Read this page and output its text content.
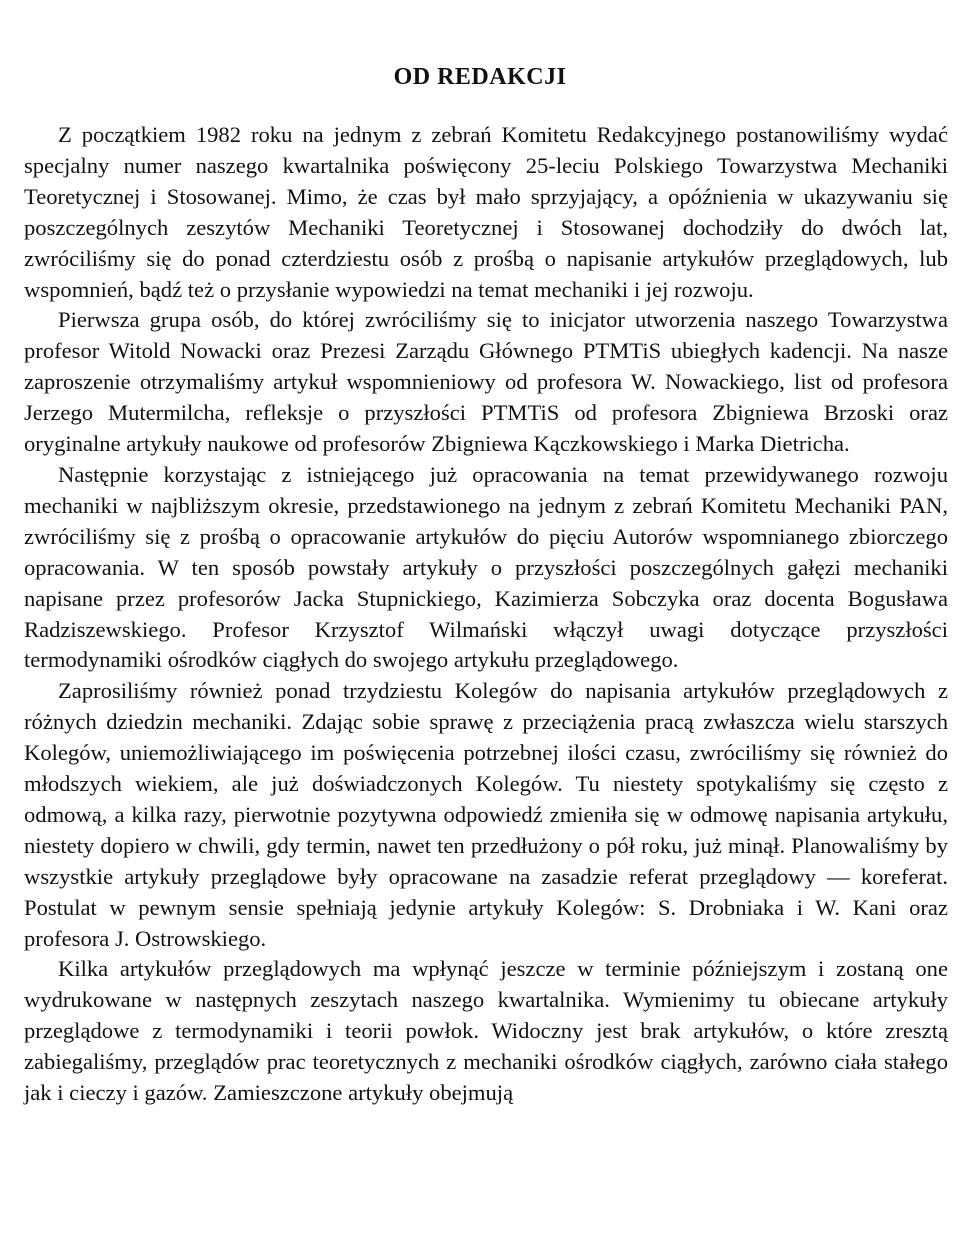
OD REDAKCJI

Z początkiem 1982 roku na jednym z zebrań Komitetu Redakcyjnego postanowiliśmy wydać specjalny numer naszego kwartalnika poświęcony 25-leciu Polskiego Towarzystwa Mechaniki Teoretycznej i Stosowanej. Mimo, że czas był mało sprzyjający, a opóźnienia w ukazywaniu się poszczególnych zeszytów Mechaniki Teoretycznej i Stosowanej dochodziły do dwóch lat, zwróciliśmy się do ponad czterdziestu osób z prośbą o napisanie artykułów przeglądowych, lub wspomnień, bądź też o przysłanie wypowiedzi na temat mechaniki i jej rozwoju.

Pierwsza grupa osób, do której zwróciliśmy się to inicjator utworzenia naszego Towarzystwa profesor Witold Nowacki oraz Prezesi Zarządu Głównego PTMTiS ubiegłych kadencji. Na nasze zaproszenie otrzymaliśmy artykuł wspomnieniowy od profesora W. Nowackiego, list od profesora Jerzego Mutermilcha, refleksje o przyszłości PTMTiS od profesora Zbigniewa Brzoski oraz oryginalne artykuły naukowe od profesorów Zbigniewa Kączkowskiego i Marka Dietricha.

Następnie korzystając z istniejącego już opracowania na temat przewidywanego rozwoju mechaniki w najbliższym okresie, przedstawionego na jednym z zebrań Komitetu Mechaniki PAN, zwróciliśmy się z prośbą o opracowanie artykułów do pięciu Autorów wspomnianego zbiorczego opracowania. W ten sposób powstały artykuły o przyszłości poszczególnych gałęzi mechaniki napisane przez profesorów Jacka Stupnickiego, Kazimierza Sobczyka oraz docenta Bogusława Radziszewskiego. Profesor Krzysztof Wilmański włączył uwagi dotyczące przyszłości termodynamiki ośrodków ciągłych do swojego artykułu przeglądowego.

Zaprosiliśmy również ponad trzydziestu Kolegów do napisania artykułów przeglądowych z różnych dziedzin mechaniki. Zdając sobie sprawę z przeciążenia pracą zwłaszcza wielu starszych Kolegów, uniemożliwiającego im poświęcenia potrzebnej ilości czasu, zwróciliśmy się również do młodszych wiekiem, ale już doświadczonych Kolegów. Tu niestety spotykaliśmy się często z odmową, a kilka razy, pierwotnie pozytywna odpowiedź zmieniła się w odmowę napisania artykułu, niestety dopiero w chwili, gdy termin, nawet ten przedłużony o pół roku, już minął. Planowaliśmy by wszystkie artykuły przeglądowe były opracowane na zasadzie referat przeglądowy — koreferat. Postulat w pewnym sensie spełniają jedynie artykuły Kolegów: S. Drobniaka i W. Kani oraz profesora J. Ostrowskiego.

Kilka artykułów przeglądowych ma wpłynąć jeszcze w terminie późniejszym i zostaną one wydrukowane w następnych zeszytach naszego kwartalnika. Wymienimy tu obiecane artykuły przeglądowe z termodynamiki i teorii powłok. Widoczny jest brak artykułów, o które zresztą zabiegaliśmy, przeglądów prac teoretycznych z mechaniki ośrodków ciągłych, zarówno ciała stałego jak i cieczy i gazów. Zamieszczone artykuły obejmują
